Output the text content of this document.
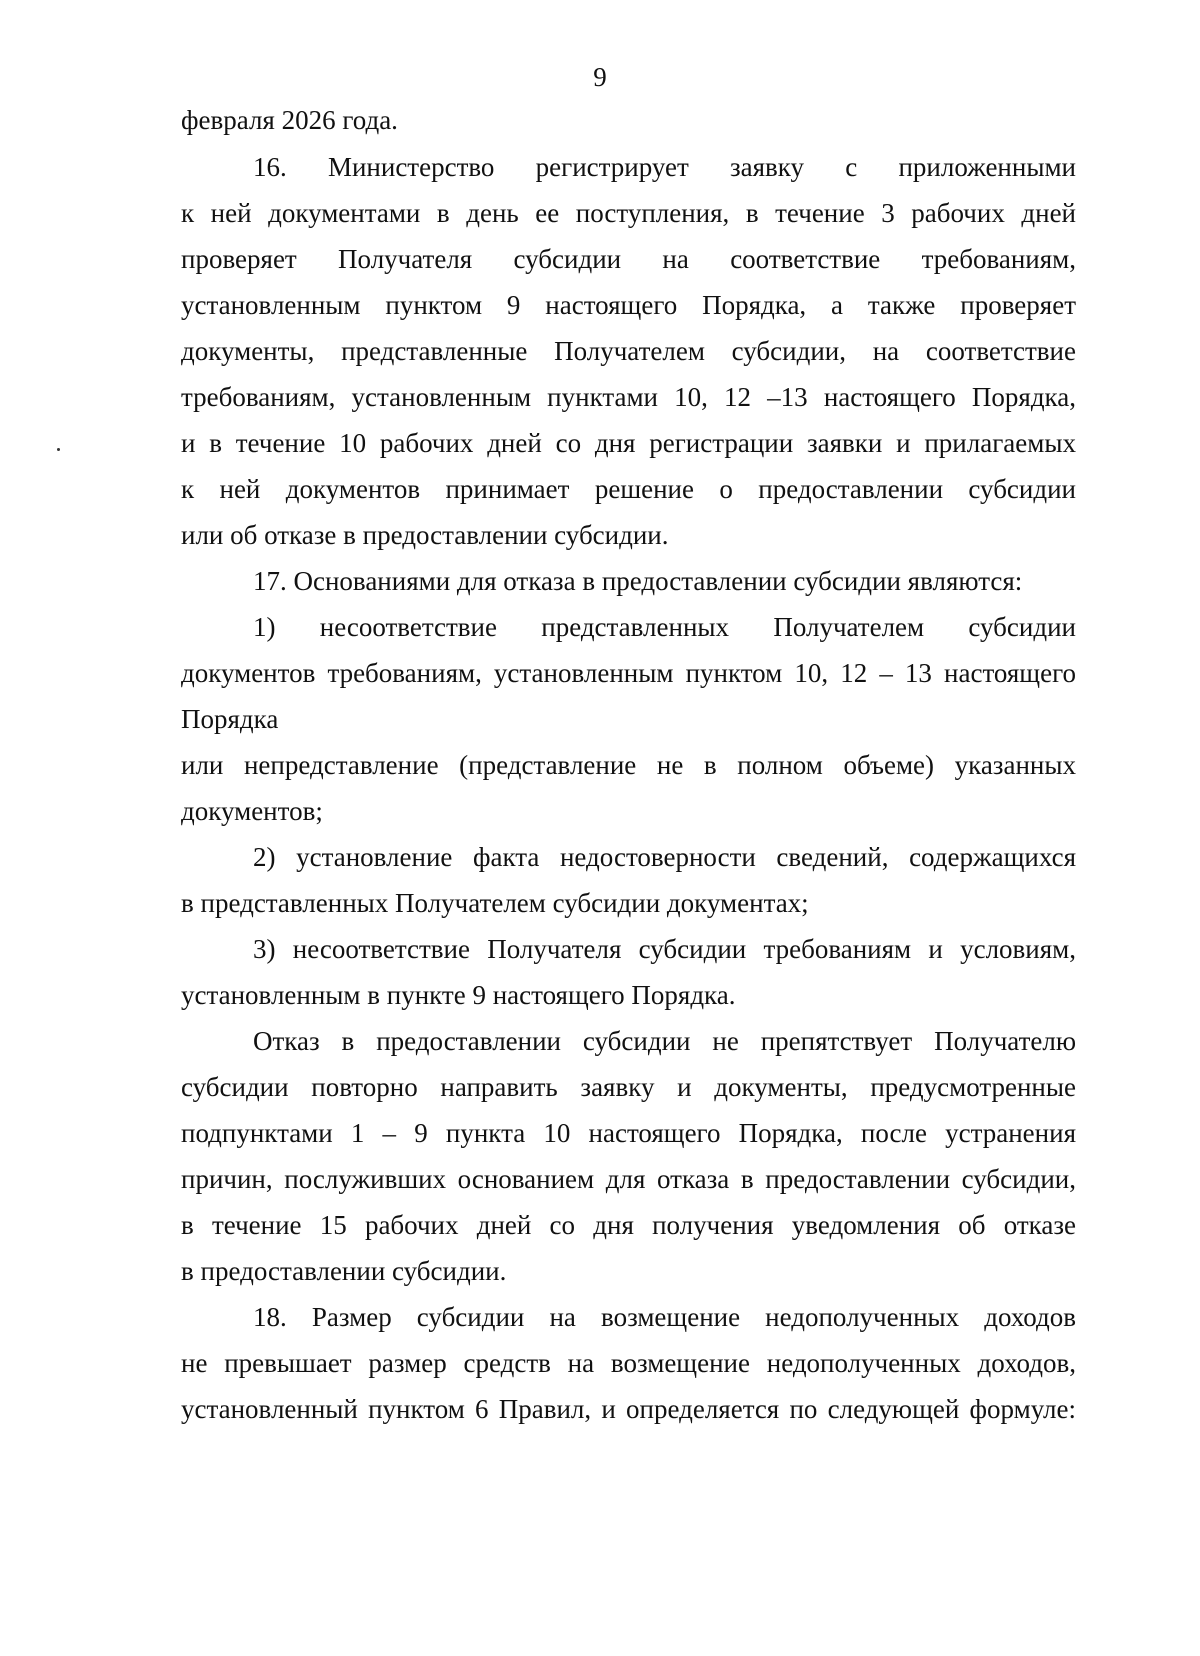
9
февраля 2026 года.
16. Министерство регистрирует заявку с приложенными
к ней документами в день ее поступления, в течение 3 рабочих дней
проверяет Получателя субсидии на соответствие требованиям,
установленным пунктом 9 настоящего Порядка, а также проверяет
документы, представленные Получателем субсидии, на соответствие
требованиям, установленным пунктами 10, 12 –13 настоящего Порядка,
и в течение 10 рабочих дней со дня регистрации заявки и прилагаемых
к ней документов принимает решение о предоставлении субсидии
или об отказе в предоставлении субсидии.
17. Основаниями для отказа в предоставлении субсидии являются:
1) несоответствие представленных Получателем субсидии
документов требованиям, установленным пунктом 10, 12 – 13 настоящего
Порядка
или непредставление (представление не в полном объеме) указанных
документов;
2) установление факта недостоверности сведений, содержащихся
в представленных Получателем субсидии документах;
3) несоответствие Получателя субсидии требованиям и условиям,
установленным в пункте 9 настоящего Порядка.
Отказ в предоставлении субсидии не препятствует Получателю
субсидии повторно направить заявку и документы, предусмотренные
подпунктами 1 – 9 пункта 10 настоящего Порядка, после устранения
причин, послуживших основанием для отказа в предоставлении субсидии,
в течение 15 рабочих дней со дня получения уведомления об отказе
в предоставлении субсидии.
18. Размер субсидии на возмещение недополученных доходов
не превышает размер средств на возмещение недополученных доходов,
установленный пунктом 6 Правил, и определяется по следующей формуле:
